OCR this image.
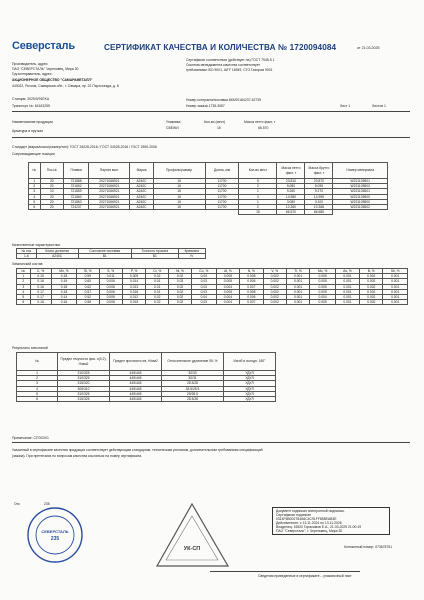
Северсталь	СЕРТИФИКАТ КАЧЕСТВА И КОЛИЧЕСТВА № 1720094084	от 21.03.2025
Производитель, адрес:
ПАО "СЕВЕРСТАЛЬ" Череповец, Мира 30
Грузоотправитель, адрес:
АКЦИОНЕРНОЕ ОБЩЕСТВО "САМАРАМЕТАЛЛ"
443022, Россия, Самарская обл., г. Самара, пр. 22 Партсъезда, д. 8
Станция: 2025/3/91EKA
Транспорт №: 64163255
Сертификат соответствия (действует на) ГОСТ 7945-5 1
Система менеджмента качества соответствует
требованиям ISO 9001, IATF 16949, СТО Газпром 9001
Номер контракта/поставки 645/00184237-52739
Номер заказа 1735-3057	Лист 1	Листов 1
Наименование продукции	Упаковка	Кол-во (мест)	Масса нетто факт, т
Арматура в прутках
СВЕЖИ	15	66.570
Стандарт (марка/класс/размер/тип): ГОСТ 34028-2016 / ГОСТ 34028-2016 / ГОСТ 2590-2006
Сопровождающие позиции
№	Поз.№	Плавка	Партия вып.	Марка	Профиль/размер	Длина, мм	Кол-во мест	Масса нетто факт, т	Масса брутто факт, т	Номер материала
1	20	721888	20271066921	А240С	16	11700	5	23.810	23.870	W221105501
2	20	721652	20271066921	А240С	16	11700	2	5.080	5.095	W221105500
3	10	721859	20271066921	А240С	16	11700	1	9.260	9.270	W221105501
4	20	721860	20271066921	А240С	16	11700	3	14.980	14.995	W221105500
5	20	721863	20271066921	А240С	16	11700	1	3.080	3.100	W221105500
6	20	724237	20271066921	А240С	16	11700	2	10.360	10.368	W221105502
							15	66.570	66.685	
Качественные характеристики
№ поз	Класс дочистки	Состояние поставки	Точность проката	Кривизна
1-6	А240С	В1	В1	IV
Химический состав
№	С, %	Mn, %	Si, %	S, %	P, %	Cr, %	Ni, %	Cu, %	Al, %	N, %	V, %	Ti, %	Mo, %	As, %	B, %	Sb, %
1	0.15	0.18	0.59	0.011	0.009	0.02	0.02	0.03	0.005	0.008	0.002	0.001	0.005	0.001	0.002	0.001
2	0.16	0.19	0.60	0.006	0.014	0.01	0.03	0.03	0.005	0.006	0.002	0.001	0.005	0.001	0.002	0.001
3	0.16	0.18	0.62	0.008	0.013	0.01	0.02	0.03	0.004	0.007	0.002	0.001	0.005	0.001	0.002	0.001
4	0.17	0.18	0.57	0.006	0.016	0.01	0.02	0.03	0.005	0.008	0.002	0.001	0.005	0.001	0.002	0.001
5	0.17	0.14	0.52	0.006	0.012	0.02	0.02	0.04	0.004	0.006	0.002	0.001	0.004	0.001	0.002	0.001
6	0.16	0.16	0.58	0.008	0.015	0.02	0.02	0.03	0.004	0.007	0.002	0.001	0.005	0.001	0.002	0.001
Результаты испытаний
№	Предел текучести физ. σ(0,2), Н/мм2	Предел прочности σв, Н/мм2	Относительное удлинение δ5, %	Изгиб в холодн. 180°
1	310/325	445/445	30/33	УДУЛ
2	310/325	445/445	30/31	УДУЛ
3	315/320	445/445	28.5/28	УДУЛ
4	305/310	445/445	28.5/28.5	УДУЛ
5	310/325	445/445	29/28.5	УДУЛ
6	315/325	445/445	28.5/28	УДУЛ
Примечание: СПЭС001
Указанный в сертификате качества продукция соответствует действующим стандартам, техническим условиям, дополнительным требованиям спецификаций
(заказа). При претензиях по вопросам качества ссылаться на номер сертификата.
Отк	235
СЕВЕРСТАЛЬ
235
УК-СП
Документ подписан электронной подписью.
Сертификат подписан
0314F6B002784A6C4C91FF858EAB3E
Действителен: с 13.11.2024 по 13.11.2026
Владелец: 16520 Горасимов Е.А., 21.03.2025 21:00:19
ПАО "Северсталь", г. Череповец, Мира 30
Контактный номер: 073678751
Сведения приведенные в сертификате – упаковочный лист
